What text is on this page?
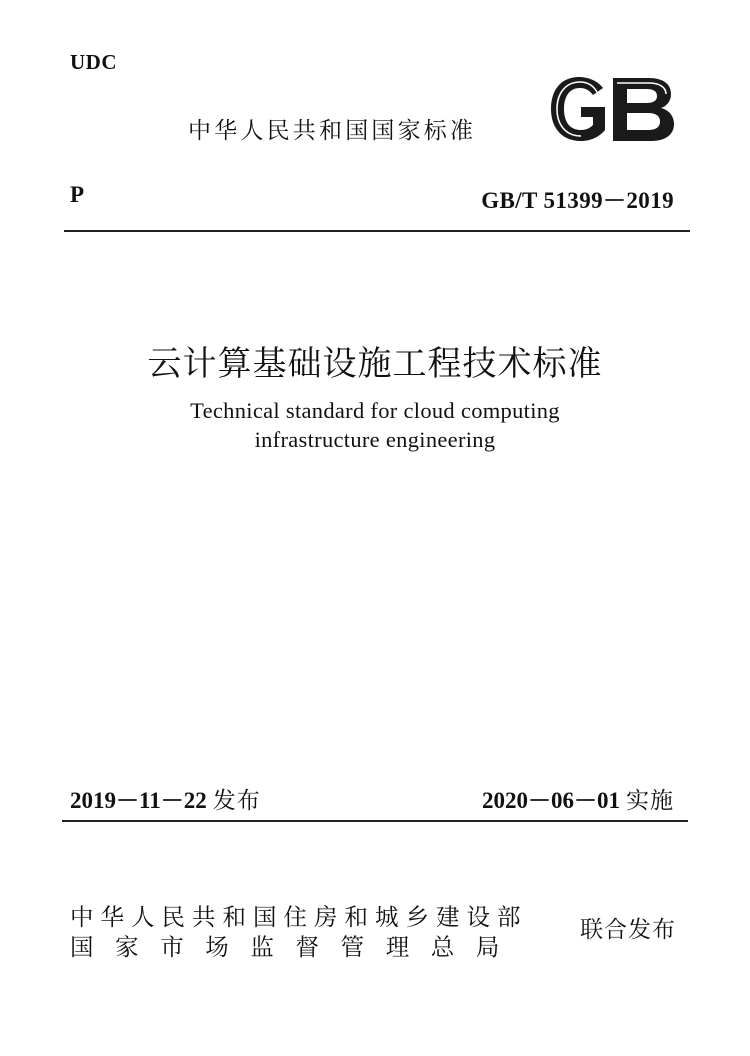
UDC
中华人民共和国国家标准
P	GB/T 51399－2019
云计算基础设施工程技术标准
Technical standard for cloud computing
infrastructure engineering
2019－11－22 发布	2020－06－01 实施
中华人民共和国住房和城乡建设部
国家市场监督管理总局
联合发布
